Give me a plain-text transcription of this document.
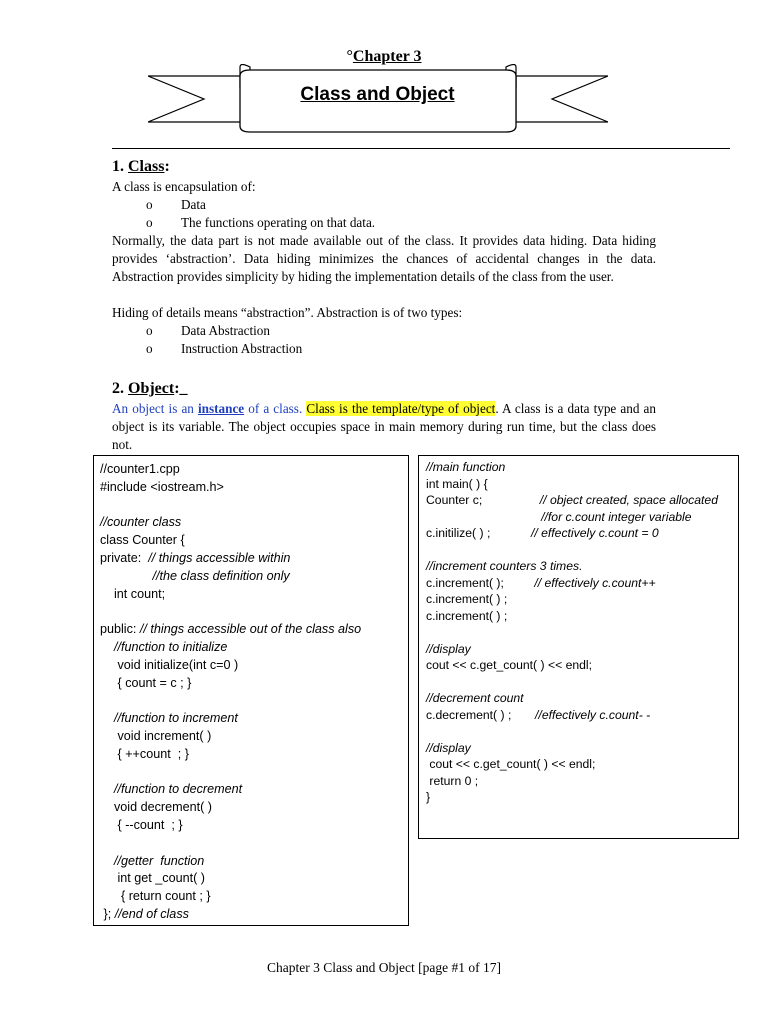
°Chapter 3
Class and Object
1. Class:
A class is encapsulation of:
o Data
o The functions operating on that data.
Normally, the data part is not made available out of the class. It provides data hiding. Data hiding provides ‘abstraction’. Data hiding minimizes the chances of accidental changes in the data. Abstraction provides simplicity by hiding the implementation details of the class from the user.
Hiding of details means “abstraction”. Abstraction is of two types:
o Data Abstraction
o Instruction Abstraction
2. Object:_
An object is an instance of a class. Class is the template/type of object. A class is a data type and an object is its variable. The object occupies space in main memory during run time, but the class does not.
//counter1.cpp
#include <iostream.h>
//counter class
class Counter {
private:  // things accessible within
//the class definition only
int count;
public: // things accessible out of the class also
//function to initialize
void initialize(int c=0 )
{ count = c ; }
//function to increment
void increment( )
{ ++count  ; }
//function to decrement
void decrement( )
{ --count  ; }
//getter  function
int get _count( )
{ return count ; }
}; //end of class
//main function
int main( ) {
Counter c;                 // object created, space allocated
//for c.count integer variable
c.initilize( ) ;            // effectively c.count = 0
//increment counters 3 times.
c.increment( );         // effectively c.count++
c.increment( ) ;
c.increment( ) ;
//display
cout << c.get_count( ) << endl;
//decrement count
c.decrement( ) ;       //effectively c.count- -
//display
cout << c.get_count( ) << endl;
return 0 ;
}
Chapter 3 Class and Object [page #1 of 17]
